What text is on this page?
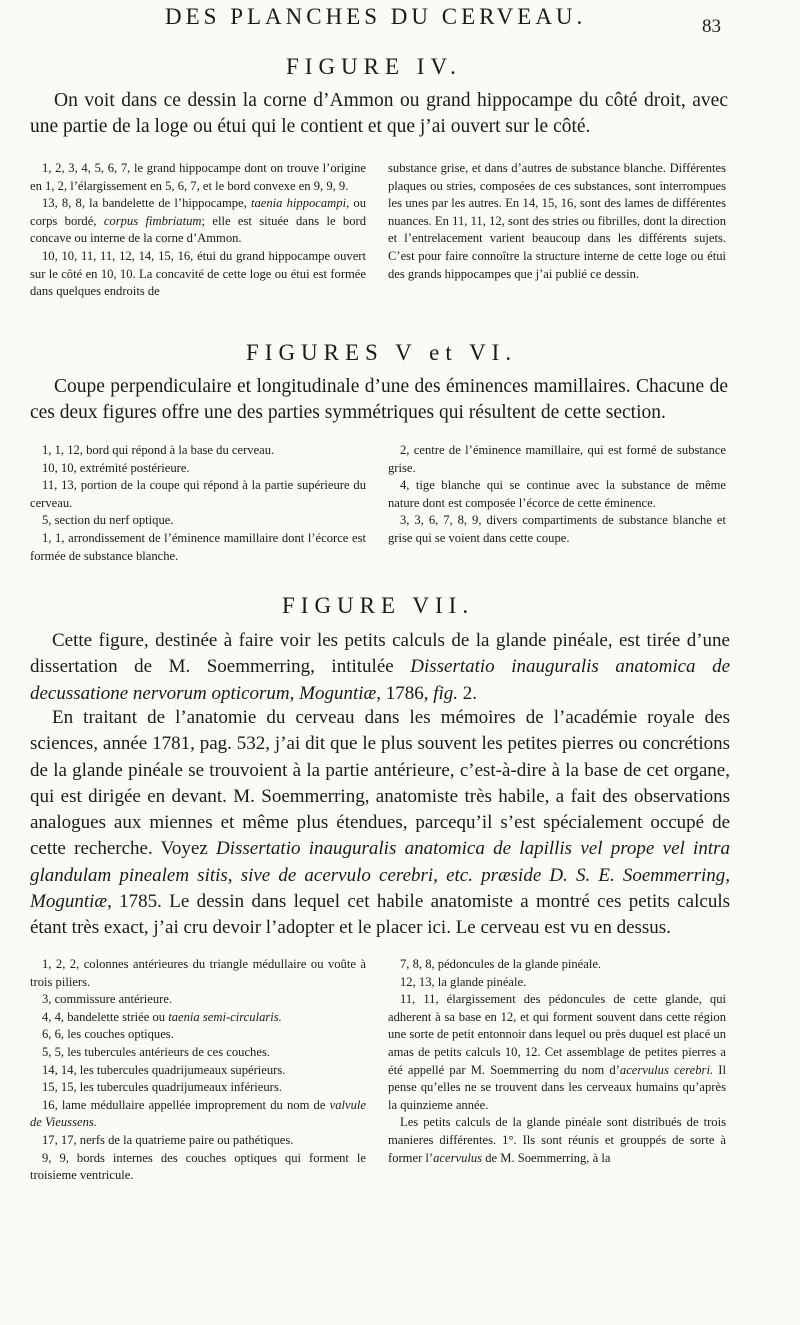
DES PLANCHES DU CERVEAU.	83
FIGURE IV.

On voit dans ce dessin la corne d’Ammon ou grand hippocampe du côté droit, avec une partie de la loge ou étui qui le contient et que j’ai ouvert sur le côté.

1, 2, 3, 4, 5, 6, 7, le grand hippocampe dont on trouve l’origine en 1, 2, l’élargissement en 5, 6, 7, et le bord convexe en 9, 9, 9.

13, 8, 8, la bandelette de l’hippocampe, taenia hippocampi, ou corps bordé, corpus fimbriatum; elle est située dans le bord concave ou interne de la corne d’Ammon.

10, 10, 11, 11, 12, 14, 15, 16, étui du grand hippocampe ouvert sur le côté en 10, 10. La concavité de cette loge ou étui est formée dans quelques endroits de

substance grise, et dans d’autres de substance blanche. Différentes plaques ou stries, composées de ces substances, sont interrompues les unes par les autres. En 14, 15, 16, sont des lames de différentes nuances. En 11, 11, 12, sont des stries ou fibrilles, dont la direction et l’entrelacement varient beaucoup dans les différents sujets. C’est pour faire connoître la structure interne de cette loge ou étui des grands hippocampes que j’ai publié ce dessin.

FIGURES V et VI.

Coupe perpendiculaire et longitudinale d’une des éminences mamillaires. Chacune de ces deux figures offre une des parties symmétriques qui résultent de cette section.

1, 1, 12, bord qui répond à la base du cerveau.

10, 10, extrémité postérieure.

11, 13, portion de la coupe qui répond à la partie supérieure du cerveau.

5, section du nerf optique.

1, 1, arrondissement de l’éminence mamillaire dont l’écorce est formée de substance blanche.

2, centre de l’éminence mamillaire, qui est formé de substance grise.

4, tige blanche qui se continue avec la substance de même nature dont est composée l’écorce de cette éminence.

3, 3, 6, 7, 8, 9, divers compartiments de substance blanche et grise qui se voient dans cette coupe.

FIGURE VII.

Cette figure, destinée à faire voir les petits calculs de la glande pinéale, est tirée d’une dissertation de M. Soemmerring, intitulée Dissertatio inauguralis anatomica de decussatione nervorum opticorum, Moguntiæ, 1786, fig. 2.

En traitant de l’anatomie du cerveau dans les mémoires de l’académie royale des sciences, année 1781, pag. 532, j’ai dit que le plus souvent les petites pierres ou concrétions de la glande pinéale se trouvoient à la partie antérieure, c’est-à-dire à la base de cet organe, qui est dirigée en devant. M. Soemmerring, anatomiste très habile, a fait des observations analogues aux miennes et même plus étendues, parcequ’il s’est spécialement occupé de cette recherche. Voyez Dissertatio inauguralis anatomica de lapillis vel prope vel intra glandulam pinealem sitis, sive de acervulo cerebri, etc. præside D. S. E. Soemmerring, Moguntiæ, 1785. Le dessin dans lequel cet habile anatomiste a montré ces petits calculs étant très exact, j’ai cru devoir l’adopter et le placer ici. Le cerveau est vu en dessus.

1, 2, 2, colonnes antérieures du triangle médullaire ou voûte à trois piliers.

3, commissure antérieure.

4, 4, bandelette striée ou taenia semi-circularis.

6, 6, les couches optiques.

5, 5, les tubercules antérieurs de ces couches.

14, 14, les tubercules quadrijumeaux supérieurs.

15, 15, les tubercules quadrijumeaux inférieurs.

16, lame médullaire appellée improprement du nom de valvule de Vieussens.

17, 17, nerfs de la quatrieme paire ou pathétiques.

9, 9, bords internes des couches optiques qui forment le troisieme ventricule.

7, 8, 8, pédoncules de la glande pinéale.

12, 13, la glande pinéale.

11, 11, élargissement des pédoncules de cette glande, qui adherent à sa base en 12, et qui forment souvent dans cette région une sorte de petit entonnoir dans lequel ou près duquel est placé un amas de petits calculs 10, 12. Cet assemblage de petites pierres a été appellé par M. Soemmerring du nom d’acervulus cerebri. Il pense qu’elles ne se trouvent dans les cerveaux humains qu’après la quinzieme année.

Les petits calculs de la glande pinéale sont distribués de trois manieres différentes. 1°. Ils sont réunis et grouppés de sorte à former l’acervulus de M. Soemmerring, à la
